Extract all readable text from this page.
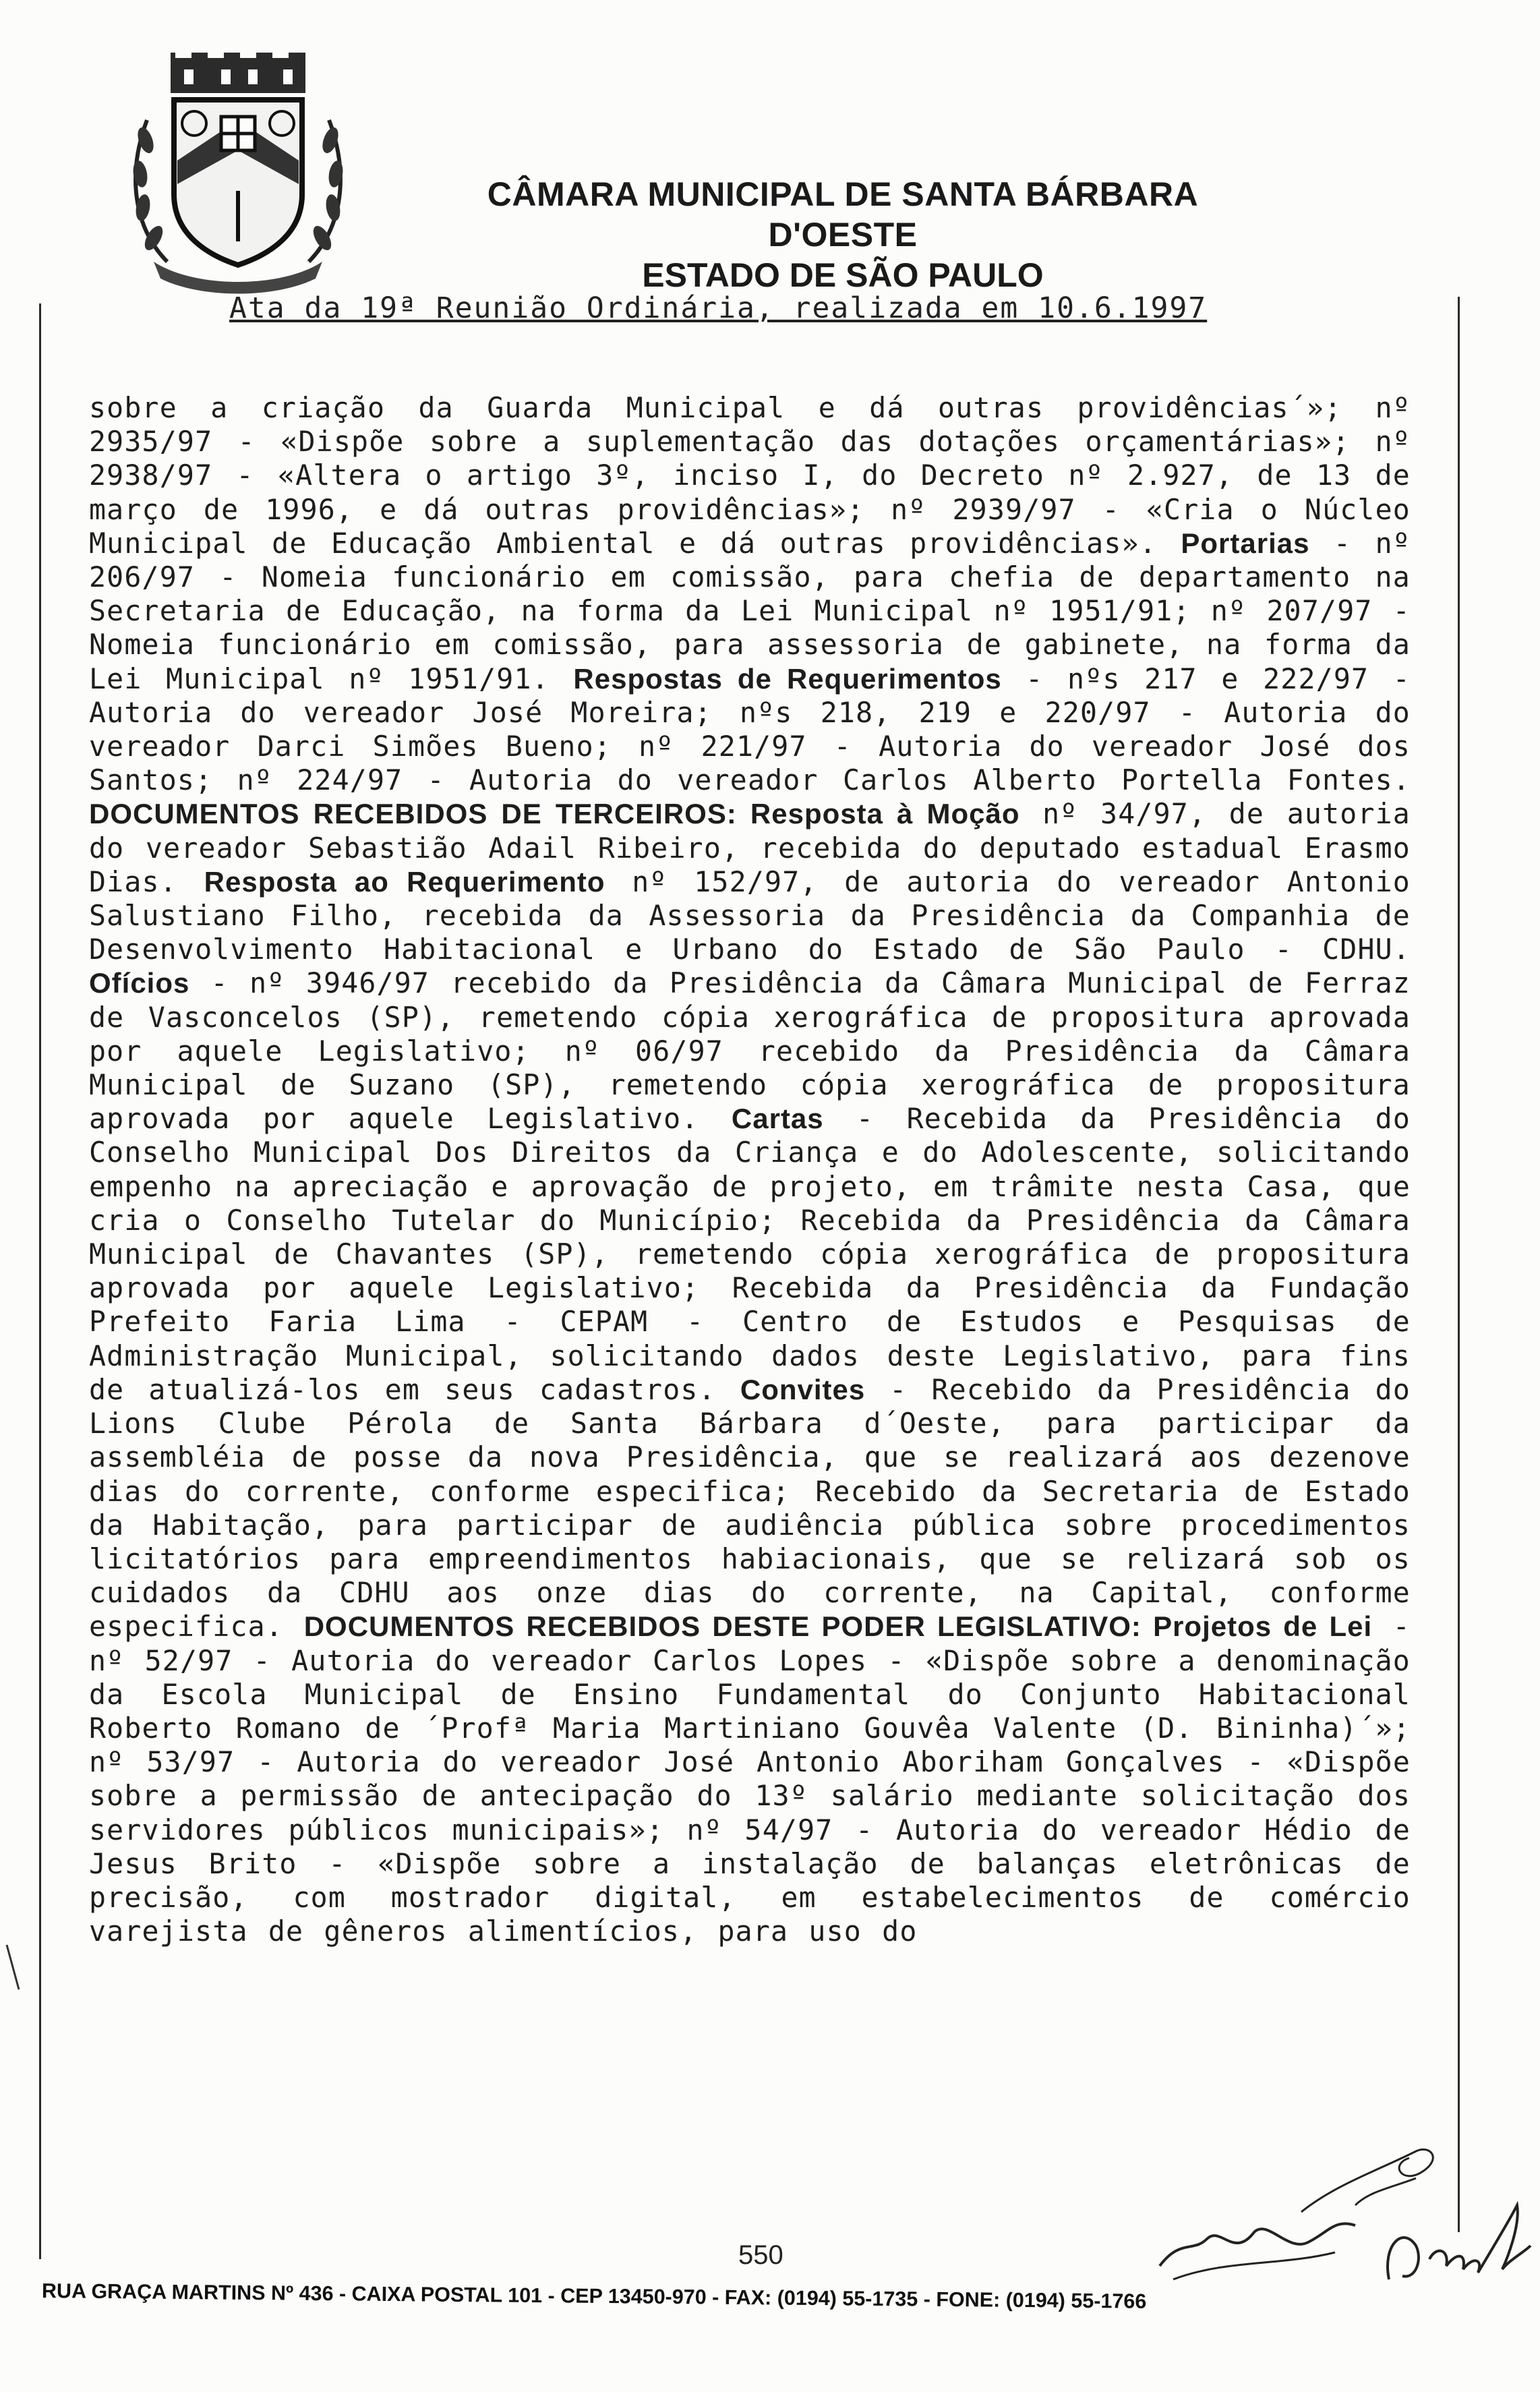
CÂMARA MUNICIPAL DE SANTA BÁRBARA D'OESTE
ESTADO DE SÃO PAULO
Ata da 19ª Reunião Ordinária, realizada em 10.6.1997
sobre a criação da Guarda Municipal e dá outras providências´»; nº 2935/97 - «Dispõe sobre a suplementação das dotações orçamentárias»; nº 2938/97 - «Altera o artigo 3º, inciso I, do Decreto nº 2.927, de 13 de março de 1996, e dá outras providências»; nº 2939/97 - «Cria o Núcleo Municipal de Educação Ambiental e dá outras providências». Portarias - nº 206/97 - Nomeia funcionário em comissão, para chefia de departamento na Secretaria de Educação, na forma da Lei Municipal nº 1951/91; nº 207/97 - Nomeia funcionário em comissão, para assessoria de gabinete, na forma da Lei Municipal nº 1951/91. Respostas de Requerimentos - nºs 217 e 222/97 - Autoria do vereador José Moreira; nºs 218, 219 e 220/97 - Autoria do vereador Darci Simões Bueno; nº 221/97 - Autoria do vereador José dos Santos; nº 224/97 - Autoria do vereador Carlos Alberto Portella Fontes. DOCUMENTOS RECEBIDOS DE TERCEIROS: Resposta à Moção nº 34/97, de autoria do vereador Sebastião Adail Ribeiro, recebida do deputado estadual Erasmo Dias. Resposta ao Requerimento nº 152/97, de autoria do vereador Antonio Salustiano Filho, recebida da Assessoria da Presidência da Companhia de Desenvolvimento Habitacional e Urbano do Estado de São Paulo - CDHU. Ofícios - nº 3946/97 recebido da Presidência da Câmara Municipal de Ferraz de Vasconcelos (SP), remetendo cópia xerográfica de propositura aprovada por aquele Legislativo; nº 06/97 recebido da Presidência da Câmara Municipal de Suzano (SP), remetendo cópia xerográfica de propositura aprovada por aquele Legislativo. Cartas - Recebida da Presidência do Conselho Municipal Dos Direitos da Criança e do Adolescente, solicitando empenho na apreciação e aprovação de projeto, em trâmite nesta Casa, que cria o Conselho Tutelar do Município; Recebida da Presidência da Câmara Municipal de Chavantes (SP), remetendo cópia xerográfica de propositura aprovada por aquele Legislativo; Recebida da Presidência da Fundação Prefeito Faria Lima - CEPAM - Centro de Estudos e Pesquisas de Administração Municipal, solicitando dados deste Legislativo, para fins de atualizá-los em seus cadastros. Convites - Recebido da Presidência do Lions Clube Pérola de Santa Bárbara d´Oeste, para participar da assembléia de posse da nova Presidência, que se realizará aos dezenove dias do corrente, conforme especifica; Recebido da Secretaria de Estado da Habitação, para participar de audiência pública sobre procedimentos licitatórios para empreendimentos habiacionais, que se relizará sob os cuidados da CDHU aos onze dias do corrente, na Capital, conforme especifica. DOCUMENTOS RECEBIDOS DESTE PODER LEGISLATIVO: Projetos de Lei - nº 52/97 - Autoria do vereador Carlos Lopes - «Dispõe sobre a denominação da Escola Municipal de Ensino Fundamental do Conjunto Habitacional Roberto Romano de ´Profª Maria Martiniano Gouvêa Valente (D. Bininha)´»; nº 53/97 - Autoria do vereador José Antonio Aboriham Gonçalves - «Dispõe sobre a permissão de antecipação do 13º salário mediante solicitação dos servidores públicos municipais»; nº 54/97 - Autoria do vereador Hédio de Jesus Brito - «Dispõe sobre a instalação de balanças eletrônicas de precisão, com mostrador digital, em estabelecimentos de comércio varejista de gêneros alimentícios, para uso do
550
RUA GRAÇA MARTINS Nº 436 - CAIXA POSTAL 101 - CEP 13450-970 - FAX: (0194) 55-1735 - FONE: (0194) 55-1766
